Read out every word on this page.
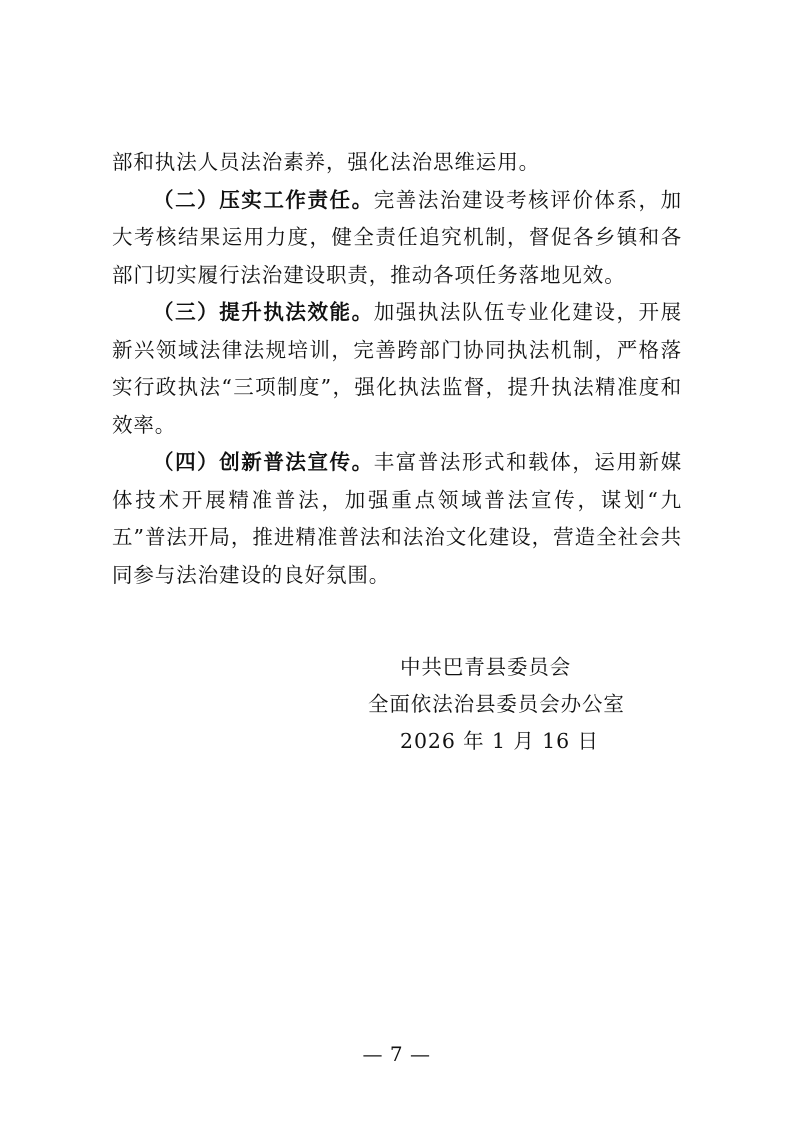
部和执法人员法治素养，强化法治思维运用。

（二）压实工作责任。完善法治建设考核评价体系，加大考核结果运用力度，健全责任追究机制，督促各乡镇和各部门切实履行法治建设职责，推动各项任务落地见效。

（三）提升执法效能。加强执法队伍专业化建设，开展新兴领域法律法规培训，完善跨部门协同执法机制，严格落实行政执法“三项制度”，强化执法监督，提升执法精准度和效率。

（四）创新普法宣传。丰富普法形式和载体，运用新媒体技术开展精准普法，加强重点领域普法宣传，谋划“九五”普法开局，推进精准普法和法治文化建设，营造全社会共同参与法治建设的良好氛围。

中共巴青县委员会
全面依法治县委员会办公室
2026 年 1 月 16 日
— 7 —
